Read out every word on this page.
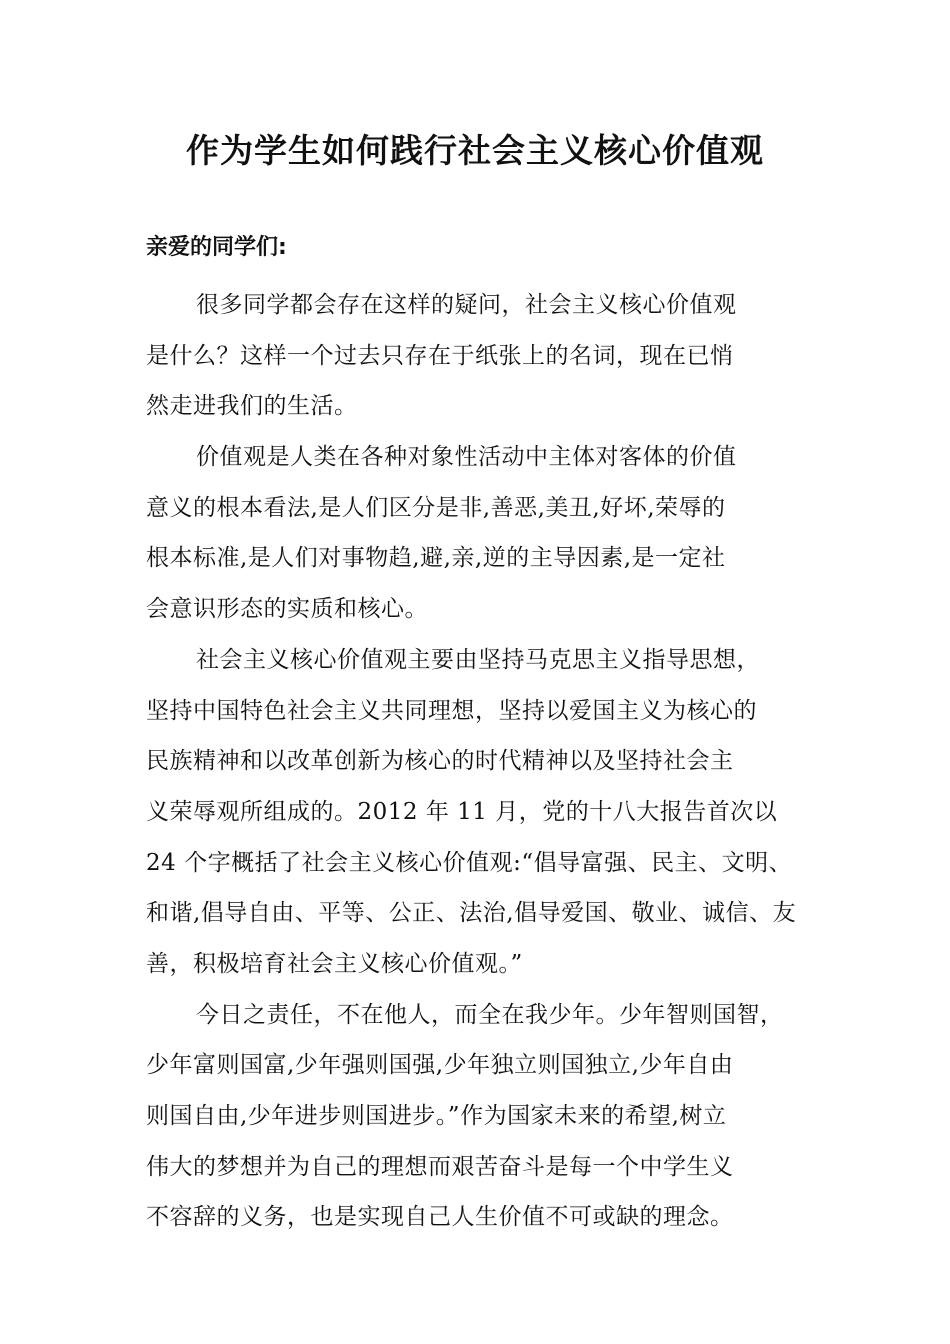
作为学生如何践行社会主义核心价值观

亲爱的同学们:

很多同学都会存在这样的疑问，社会主义核心价值观
是什么？这样一个过去只存在于纸张上的名词，现在已悄
然走进我们的生活。
价值观是人类在各种对象性活动中主体对客体的价值
意义的根本看法,是人们区分是非,善恶,美丑,好坏,荣辱的
根本标准,是人们对事物趋,避,亲,逆的主导因素,是一定社
会意识形态的实质和核心。
社会主义核心价值观主要由坚持马克思主义指导思想，
坚持中国特色社会主义共同理想，坚持以爱国主义为核心的
民族精神和以改革创新为核心的时代精神以及坚持社会主
义荣辱观所组成的。2012 年 11 月，党的十八大报告首次以
24 个字概括了社会主义核心价值观:“倡导富强、民主、文明、
和谐,倡导自由、平等、公正、法治,倡导爱国、敬业、诚信、友
善，积极培育社会主义核心价值观。”
今日之责任，不在他人，而全在我少年。少年智则国智，
少年富则国富,少年强则国强,少年独立则国独立,少年自由
则国自由,少年进步则国进步。”作为国家未来的希望,树立
伟大的梦想并为自己的理想而艰苦奋斗是每一个中学生义
不容辞的义务，也是实现自己人生价值不可或缺的理念。
